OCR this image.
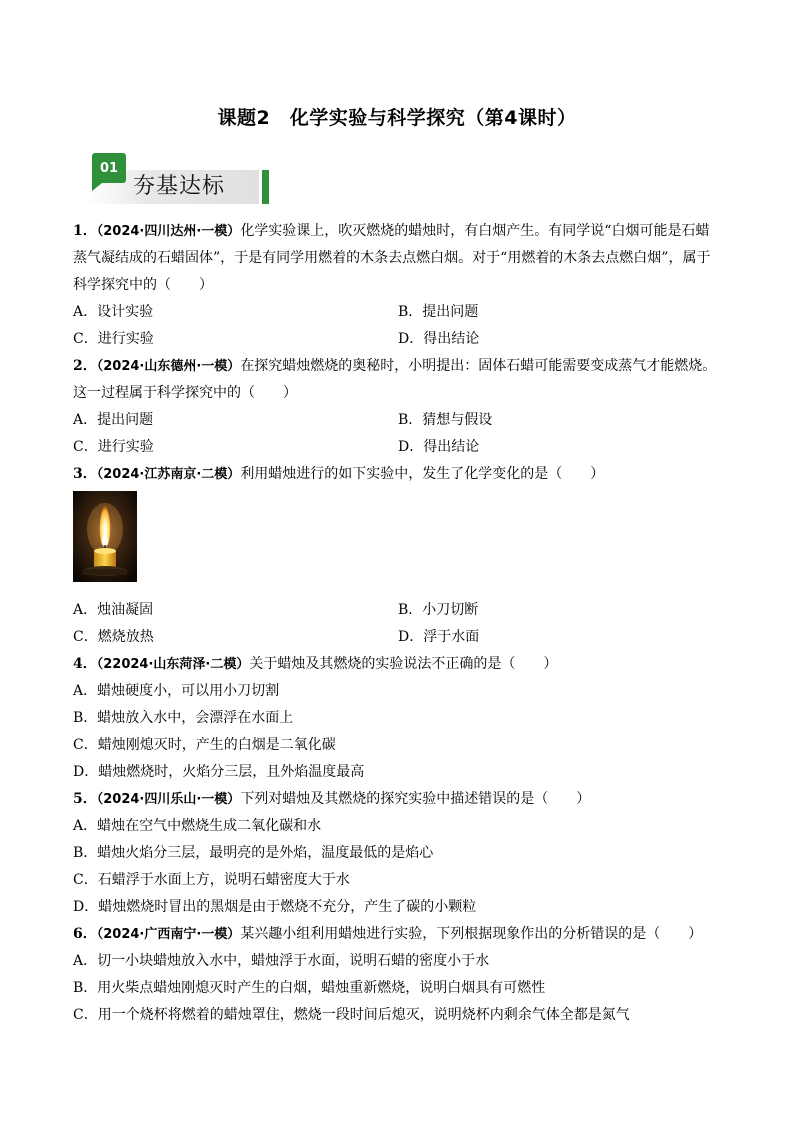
课题2　化学实验与科学探究（第4课时）
01
夯基达标
1．（2024·四川达州·一模）化学实验课上，吹灭燃烧的蜡烛时，有白烟产生。有同学说“白烟可能是石蜡蒸气凝结成的石蜡固体”，于是有同学用燃着的木条去点燃白烟。对于“用燃着的木条去点燃白烟”，属于科学探究中的（　　）
A．设计实验	B．提出问题
C．进行实验	D．得出结论
2．（2024·山东德州·一模）在探究蜡烛燃烧的奥秘时，小明提出：固体石蜡可能需要变成蒸气才能燃烧。这一过程属于科学探究中的（　　）
A．提出问题	B．猜想与假设
C．进行实验	D．得出结论
3．（2024·江苏南京·二模）利用蜡烛进行的如下实验中，发生了化学变化的是（　　）
A．烛油凝固	B．小刀切断
C．燃烧放热	D．浮于水面
4．（22024·山东菏泽·二模）关于蜡烛及其燃烧的实验说法不正确的是（　　）
A．蜡烛硬度小，可以用小刀切割
B．蜡烛放入水中，会漂浮在水面上
C．蜡烛刚熄灭时，产生的白烟是二氧化碳
D．蜡烛燃烧时，火焰分三层，且外焰温度最高
5．（2024·四川乐山·一模）下列对蜡烛及其燃烧的探究实验中描述错误的是（　　）
A．蜡烛在空气中燃烧生成二氧化碳和水
B．蜡烛火焰分三层，最明亮的是外焰，温度最低的是焰心
C．石蜡浮于水面上方，说明石蜡密度大于水
D．蜡烛燃烧时冒出的黑烟是由于燃烧不充分，产生了碳的小颗粒
6．（2024·广西南宁·一模）某兴趣小组利用蜡烛进行实验，下列根据现象作出的分析错误的是（　　）
A．切一小块蜡烛放入水中，蜡烛浮于水面，说明石蜡的密度小于水
B．用火柴点蜡烛刚熄灭时产生的白烟，蜡烛重新燃烧，说明白烟具有可燃性
C．用一个烧杯将燃着的蜡烛罩住，燃烧一段时间后熄灭，说明烧杯内剩余气体全都是氮气
